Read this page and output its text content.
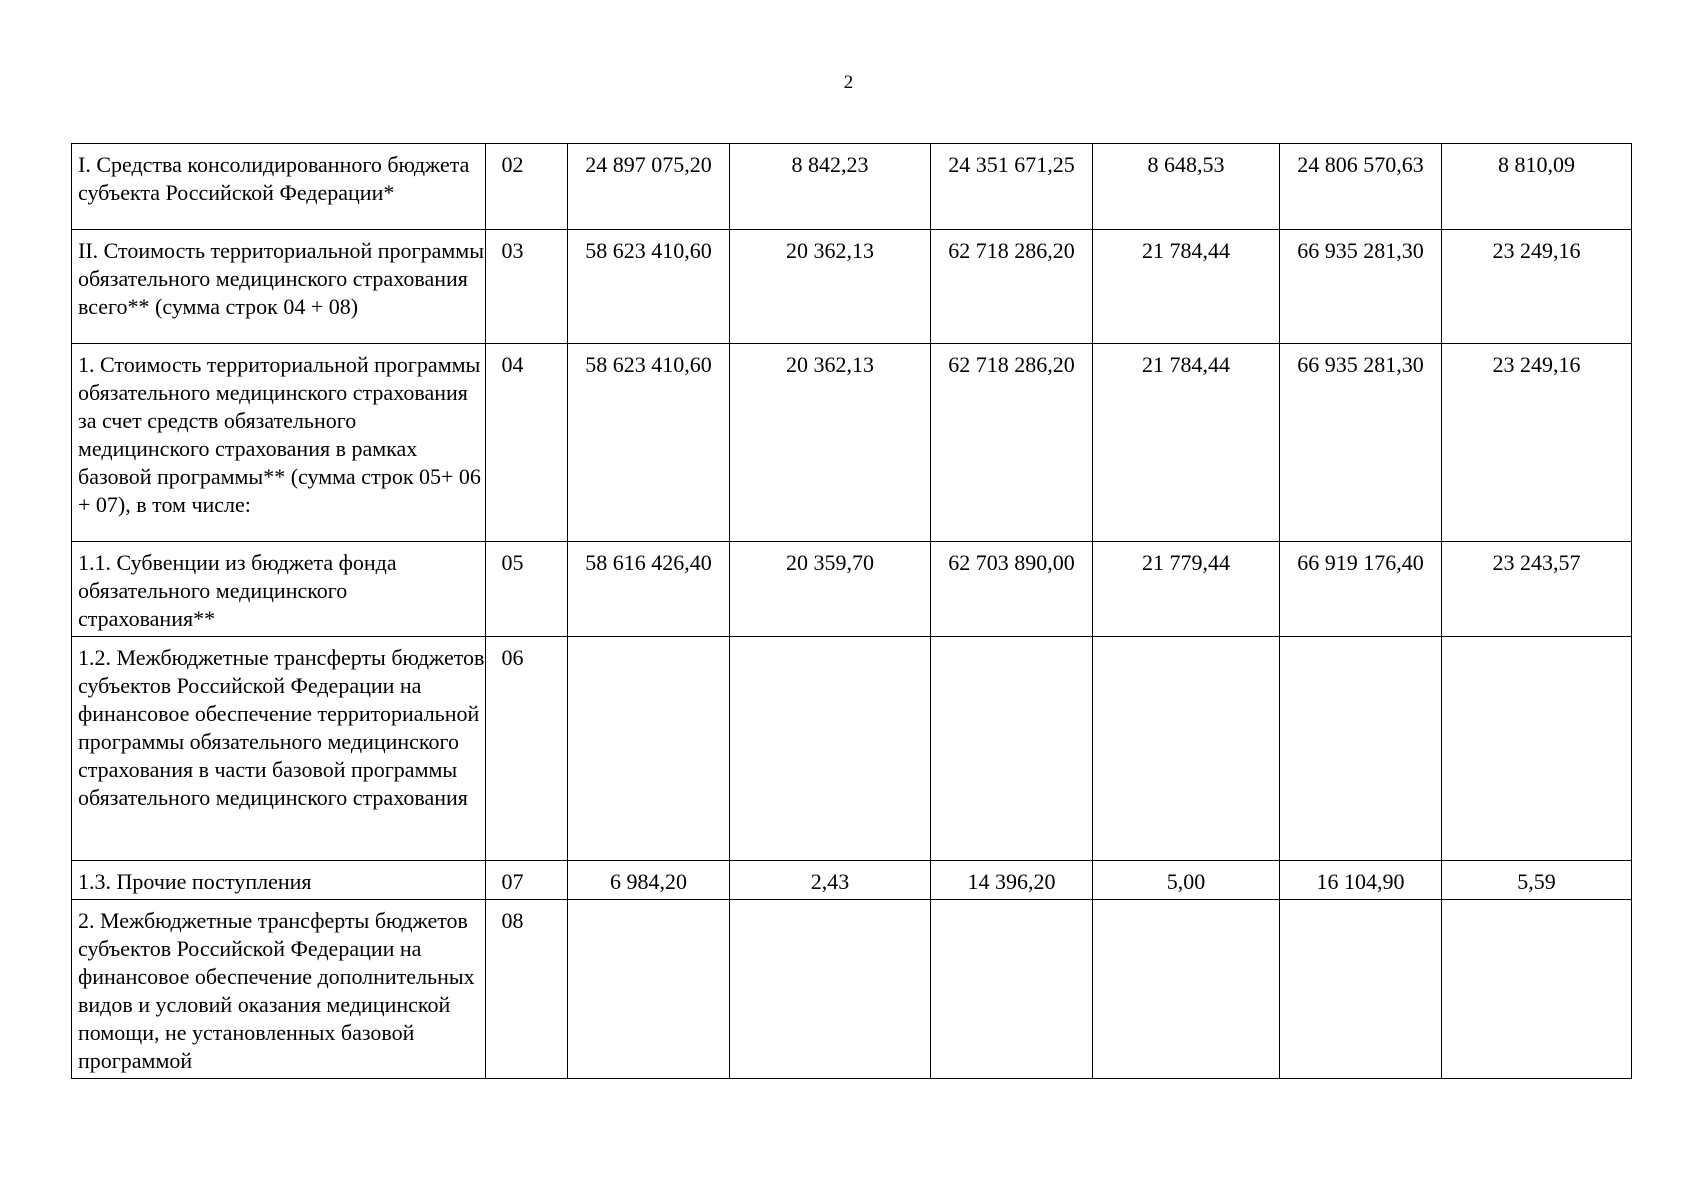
2
I. Средства консолидированного бюджета субъекта Российской Федерации*	02	24 897 075,20	8 842,23	24 351 671,25	8 648,53	24 806 570,63	8 810,09

II. Стоимость территориальной программы обязательного медицинского страхования всего** (сумма строк 04 + 08)	03	58 623 410,60	20 362,13	62 718 286,20	21 784,44	66 935 281,30	23 249,16

1. Стоимость территориальной программы обязательного медицинского страхования за счет средств обязательного медицинского страхования в рамках базовой программы** (сумма строк 05+ 06 + 07), в том числе:	04	58 623 410,60	20 362,13	62 718 286,20	21 784,44	66 935 281,30	23 249,16

1.1. Субвенции из бюджета фонда обязательного медицинского страхования**	05	58 616 426,40	20 359,70	62 703 890,00	21 779,44	66 919 176,40	23 243,57

1.2. Межбюджетные трансферты бюджетов субъектов Российской Федерации на финансовое обеспечение территориальной программы обязательного медицинского страхования в части базовой программы обязательного медицинского страхования	06						

1.3. Прочие поступления	07	6 984,20	2,43	14 396,20	5,00	16 104,90	5,59

2. Межбюджетные трансферты бюджетов субъектов Российской Федерации на финансовое обеспечение дополнительных видов и условий оказания медицинской помощи, не установленных базовой программой	08						
